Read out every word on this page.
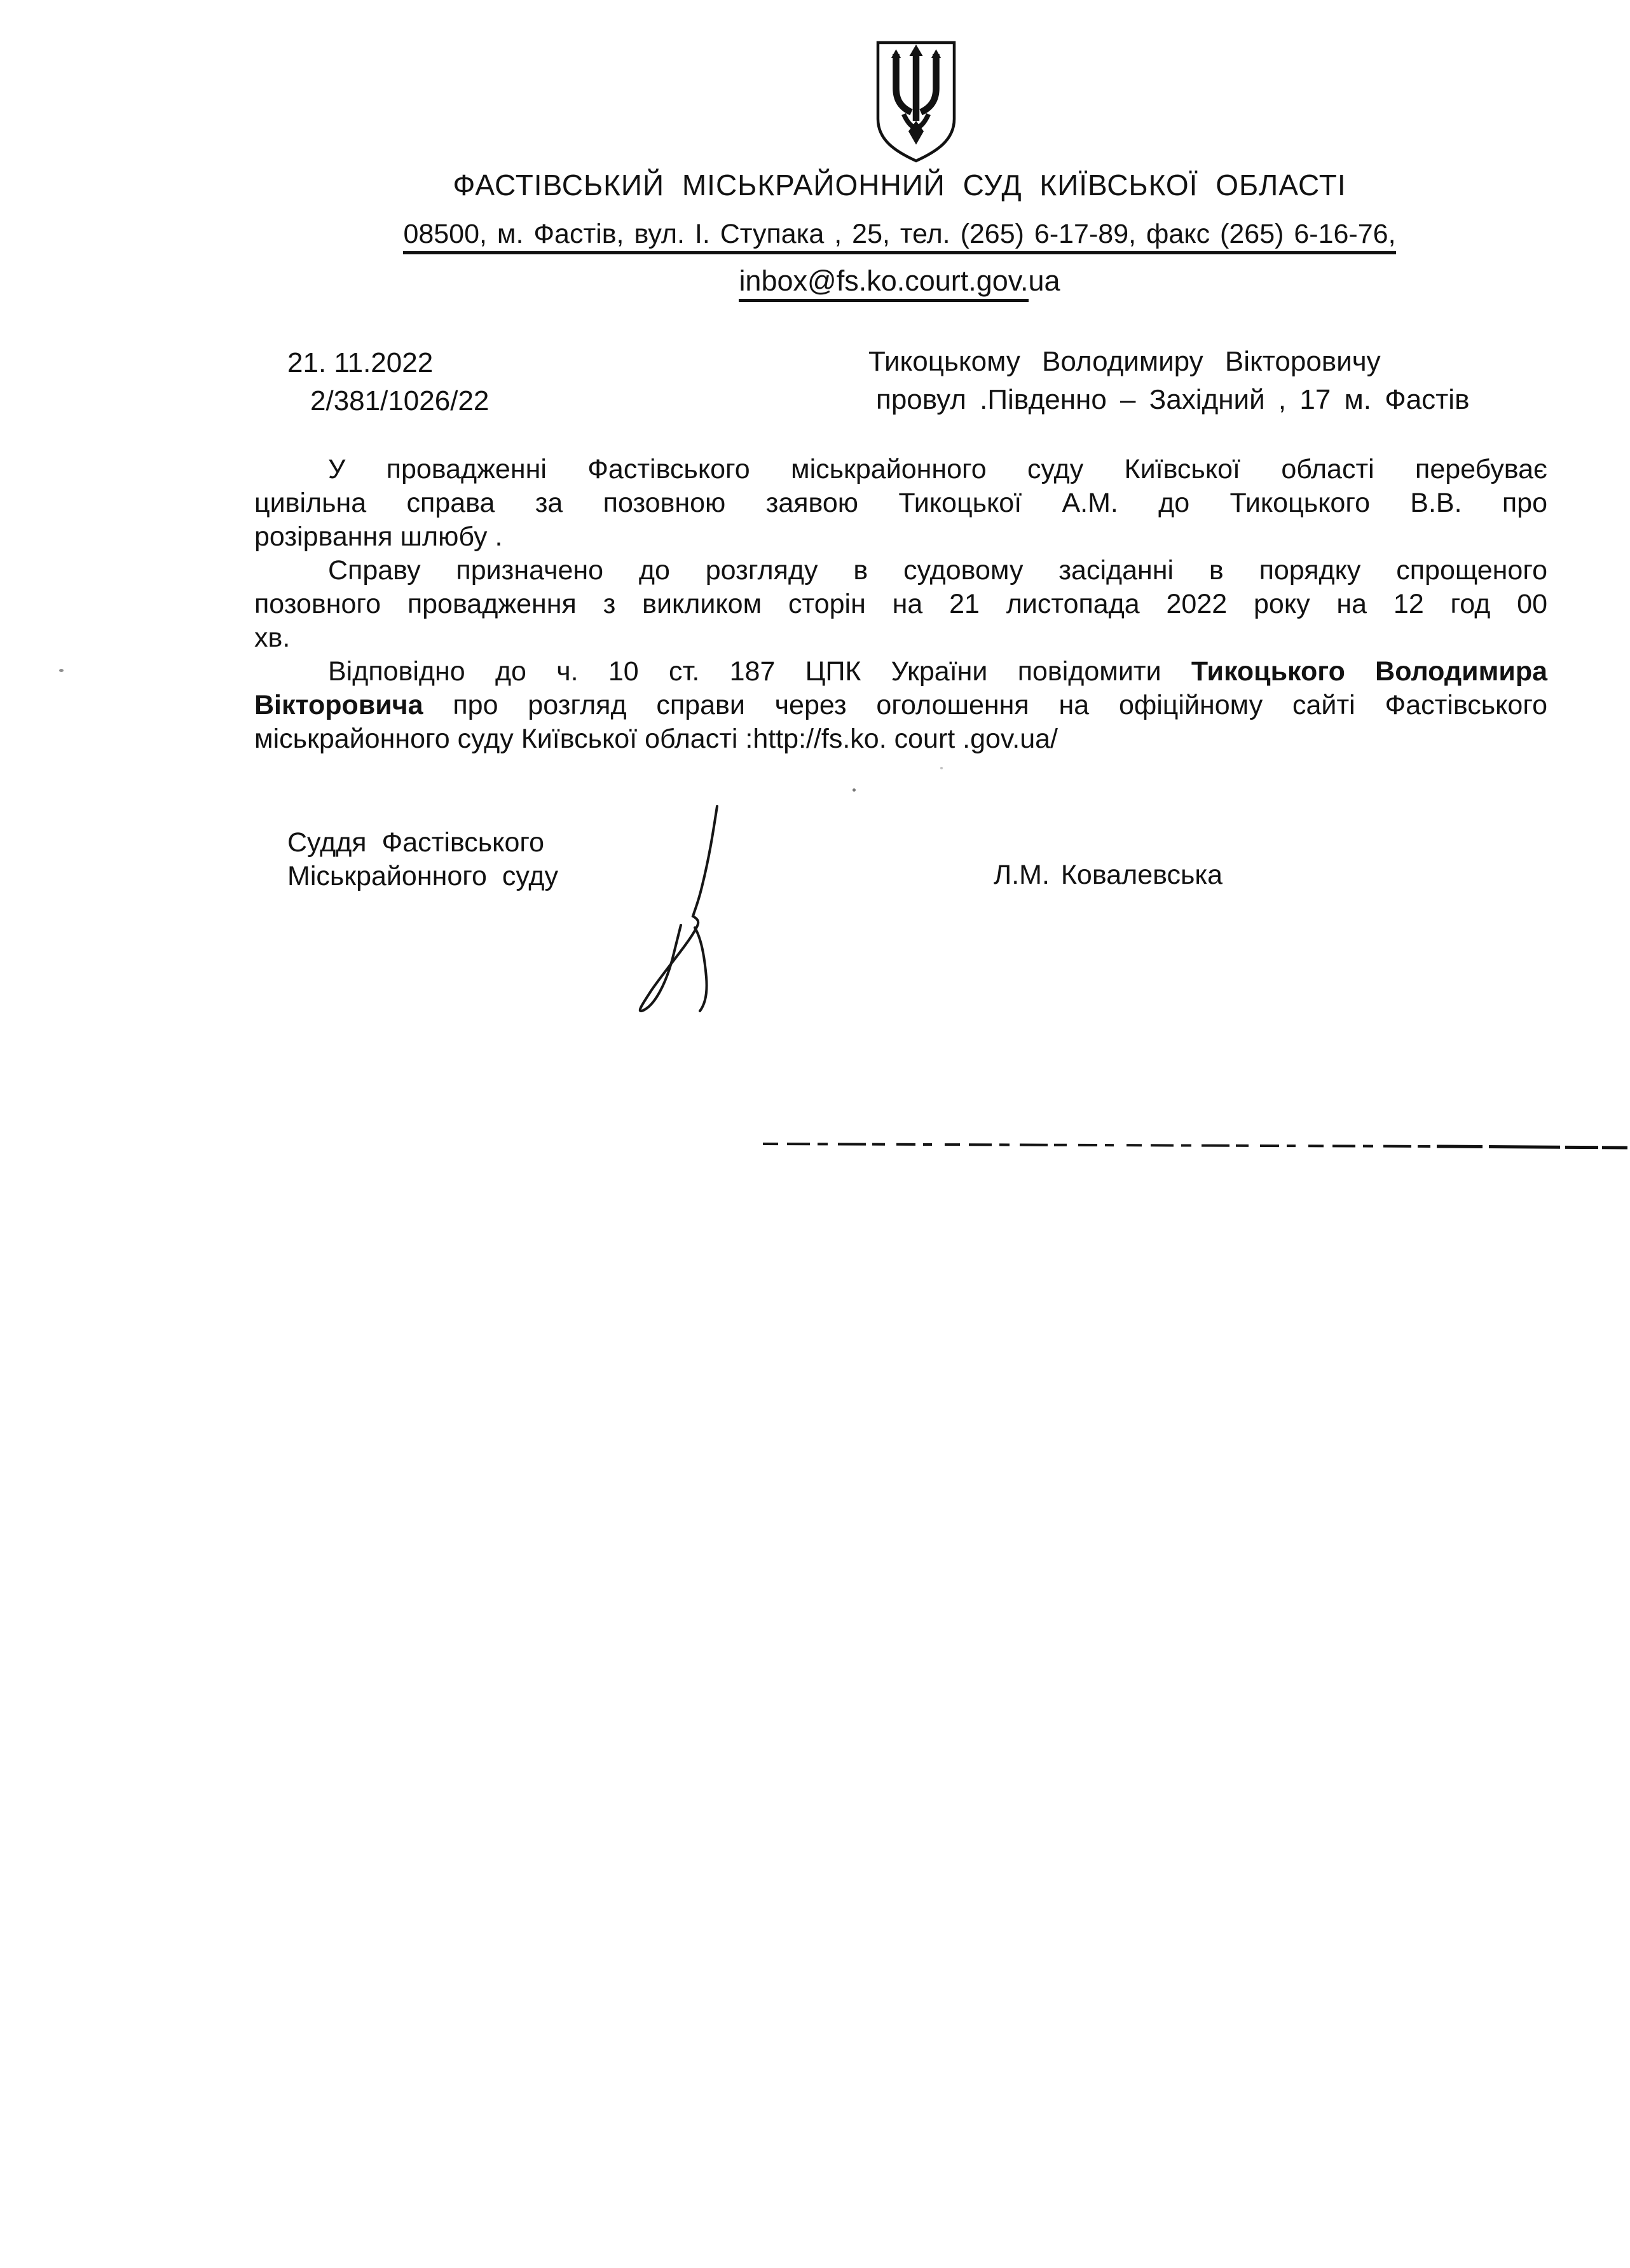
ФАСТІВСЬКИЙ МІСЬКРАЙОННИЙ СУД КИЇВСЬКОЇ ОБЛАСТІ
08500, м. Фастів, вул. І. Ступака , 25, тел. (265) 6-17-89, факс (265) 6-16-76,
inbox@fs.ko.court.gov.ua
21. 11.2022
2/381/1026/22
Тикоцькому Володимиру Вікторовичу
провул .Південно – Західний , 17 м. Фастів
У провадженні Фастівського міськрайонного суду Київської області перебуває
цивільна справа за позовною заявою Тикоцької А.М. до Тикоцького В.В. про
розірвання шлюбу .
Справу призначено до розгляду в судовому засіданні в порядку спрощеного
позовного провадження з викликом сторін на 21 листопада 2022 року на 12 год 00
хв.
Відповідно до ч. 10 ст. 187 ЦПК України повідомити Тикоцького Володимира
Вікторовича про розгляд справи через оголошення на офіційному сайті Фастівського
міськрайонного суду Київської області :http://fs.ko. court .gov.ua/
Суддя Фастівського
Міськрайонного суду	Л.М. Ковалевська
